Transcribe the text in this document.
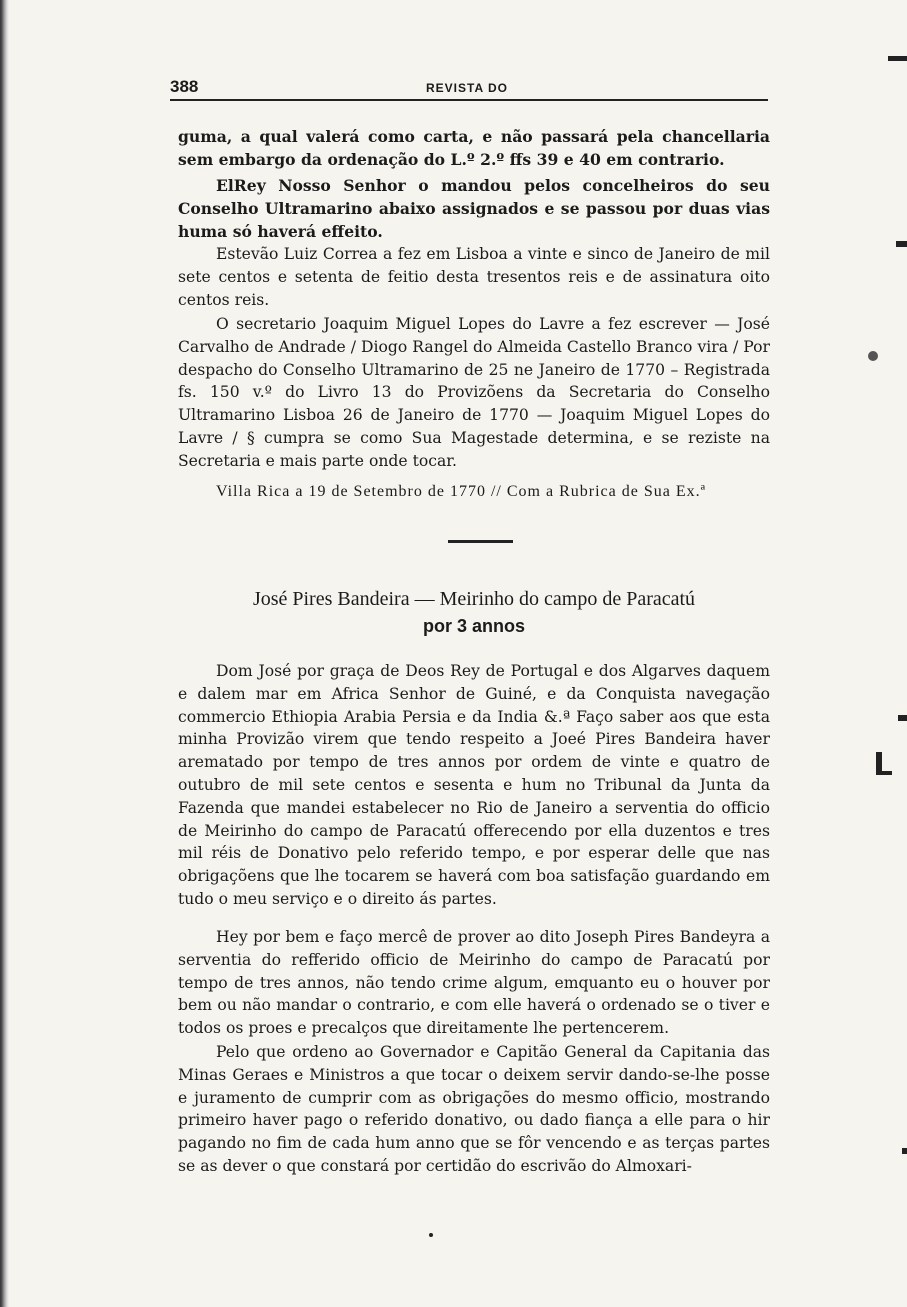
388	REVISTA DO

guma, a qual valerá como carta, e não passará pela chancellaria sem embargo da ordenação do L.º 2.º ffs 39 e 40 em contrario.

ElRey Nosso Senhor o mandou pelos concelheiros do seu Conselho Ultramarino abaixo assignados e se passou por duas vias huma só haverá effeito.

Estevão Luiz Correa a fez em Lisboa a vinte e sinco de Janeiro de mil sete centos e setenta de feitio desta tresentos reis e de assinatura oito centos reis.

O secretario Joaquim Miguel Lopes do Lavre a fez escrever — José Carvalho de Andrade / Diogo Rangel do Almeida Castello Branco vira / Por despacho do Conselho Ultramarino de 25 ne Janeiro de 1770 – Registrada fs. 150 v.º do Livro 13 do Provizõens da Secretaria do Conselho Ultramarino Lisboa 26 de Janeiro de 1770 — Joaquim Miguel Lopes do Lavre / § cumpra se como Sua Magestade determina, e se reziste na Secretaria e mais parte onde tocar.

Villa Rica a 19 de Setembro de 1770 // Com a Rubrica de Sua Ex.ª

José Pires Bandeira — Meirinho do campo de Paracatú
por 3 annos

Dom José por graça de Deos Rey de Portugal e dos Algarves daquem e dalem mar em Africa Senhor de Guiné, e da Conquista navegação commercio Ethiopia Arabia Persia e da India &.ª Faço saber aos que esta minha Provizão virem que tendo respeito a Joeé Pires Bandeira haver arematado por tempo de tres annos por ordem de vinte e quatro de outubro de mil sete centos e sesenta e hum no Tribunal da Junta da Fazenda que mandei estabelecer no Rio de Janeiro a serventia do officio de Meirinho do campo de Paracatú offerecendo por ella duzentos e tres mil réis de Donativo pelo referido tempo, e por esperar delle que nas obrigaçõens que lhe tocarem se haverá com boa satisfação guardando em tudo o meu serviço e o direito ás partes.

Hey por bem e faço mercê de prover ao dito Joseph Pires Bandeyra a serventia do refferido officio de Meirinho do campo de Paracatú por tempo de tres annos, não tendo crime algum, emquanto eu o houver por bem ou não mandar o contrario, e com elle haverá o ordenado se o tiver e todos os proes e precalços que direitamente lhe pertencerem.

Pelo que ordeno ao Governador e Capitão General da Capitania das Minas Geraes e Ministros a que tocar o deixem servir dando-se-lhe posse e juramento de cumprir com as obrigações do mesmo officio, mostrando primeiro haver pago o referido donativo, ou dado fiança a elle para o hir pagando no fim de cada hum anno que se fôr vencendo e as terças partes se as dever o que constará por certidão do escrivão do Almoxari-
